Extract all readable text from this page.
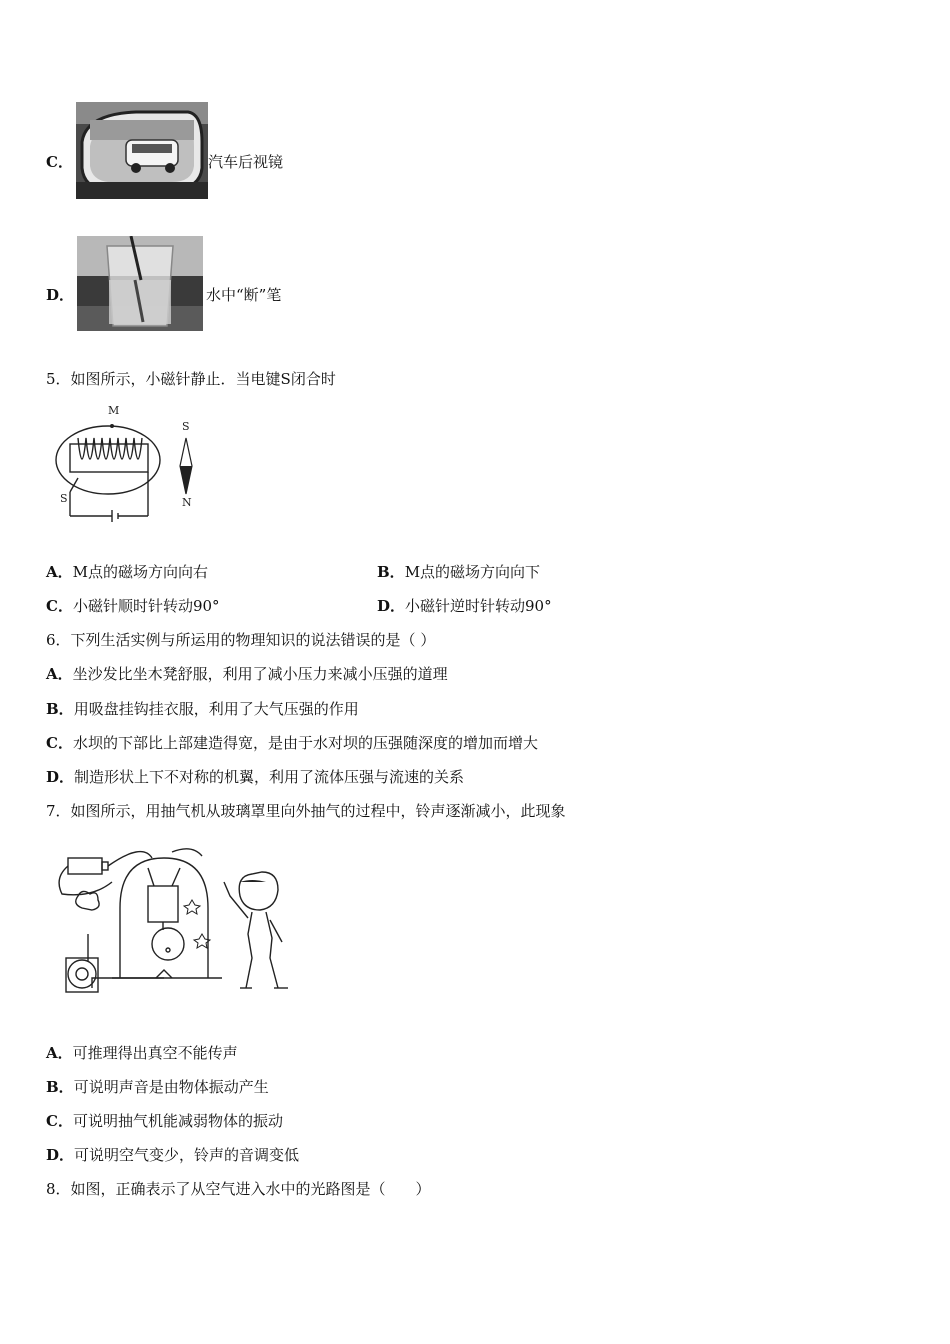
C．	汽车后视镜
D．	水中“断”笔
5．如图所示，小磁针静止．当电键S闭合时
M
S
S
N
A．M点的磁场方向向右	B．M点的磁场方向向下
C．小磁针顺时针转动90°	D．小磁针逆时针转动90°
6．下列生活实例与所运用的物理知识的说法错误的是（ ）
A．坐沙发比坐木凳舒服，利用了减小压力来减小压强的道理
B．用吸盘挂钩挂衣服，利用了大气压强的作用
C．水坝的下部比上部建造得宽，是由于水对坝的压强随深度的增加而增大
D．制造形状上下不对称的机翼，利用了流体压强与流速的关系
7．如图所示，用抽气机从玻璃罩里向外抽气的过程中，铃声逐渐减小，此现象
A．可推理得出真空不能传声
B．可说明声音是由物体振动产生
C．可说明抽气机能减弱物体的振动
D．可说明空气变少，铃声的音调变低
8．如图，正确表示了从空气进入水中的光路图是（　　）
